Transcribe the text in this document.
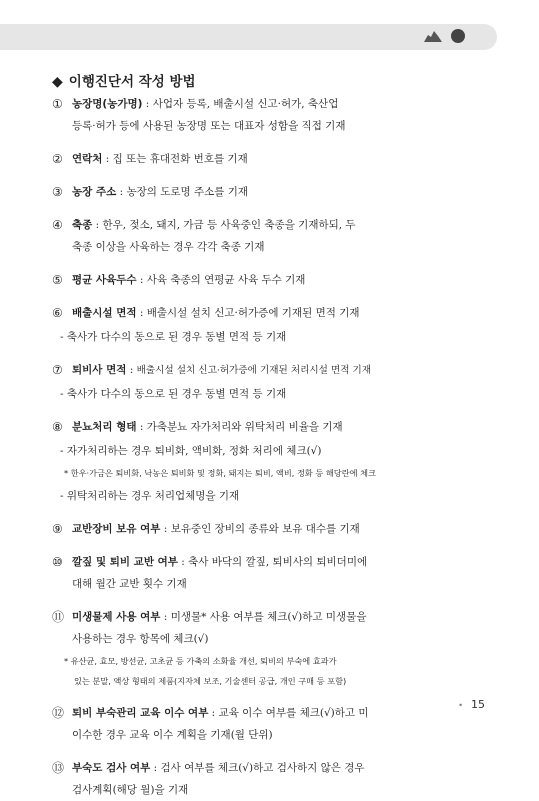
◆ 이행진단서 작성 방법
① 농장명(농가명) : 사업자 등록, 배출시설 신고·허가, 축산업
등록·허가 등에 사용된 농장명 또는 대표자 성함을 직접 기재
② 연락처 : 집 또는 휴대전화 번호를 기재
③ 농장 주소 : 농장의 도로명 주소를 기재
④ 축종 : 한우, 젖소, 돼지, 가금 등 사육중인 축종을 기재하되, 두
축종 이상을 사육하는 경우 각각 축종 기재
⑤ 평균 사육두수 : 사육 축종의 연평균 사육 두수 기재
⑥ 배출시설 면적 : 배출시설 설치 신고·허가증에 기재된 면적 기재
- 축사가 다수의 동으로 된 경우 동별 면적 등 기재
⑦ 퇴비사 면적 : 배출시설 설치 신고·허가증에 기재된 처리시설 면적 기재
- 축사가 다수의 동으로 된 경우 동별 면적 등 기재
⑧ 분뇨처리 형태 : 가축분뇨 자가처리와 위탁처리 비율을 기재
- 자가처리하는 경우 퇴비화, 액비화, 정화 처리에 체크(√)
* 한우·가금은 퇴비화, 낙농은 퇴비화 및 정화, 돼지는 퇴비, 액비, 정화 등 해당란에 체크
- 위탁처리하는 경우 처리업체명을 기재
⑨ 교반장비 보유 여부 : 보유중인 장비의 종류와 보유 대수를 기재
⑩ 깔짚 및 퇴비 교반 여부 : 축사 바닥의 깔짚, 퇴비사의 퇴비더미에
대해 월간 교반 횟수 기재
⑪ 미생물제 사용 여부 : 미생물* 사용 여부를 체크(√)하고 미생물을
사용하는 경우 항목에 체크(√)
* 유산균, 효모, 방선균, 고초균 등 가축의 소화율 개선, 퇴비의 부숙에 효과가
있는 분말, 액상 형태의 제품(지자체 보조, 기술센터 공급, 개인 구매 등 포함)
⑫ 퇴비 부숙관리 교육 이수 여부 : 교육 이수 여부를 체크(√)하고 미
이수한 경우 교육 이수 계획을 기재(월 단위)
⑬ 부숙도 검사 여부 : 검사 여부를 체크(√)하고 검사하지 않은 경우
검사계획(해당 월)을 기재
• 15
